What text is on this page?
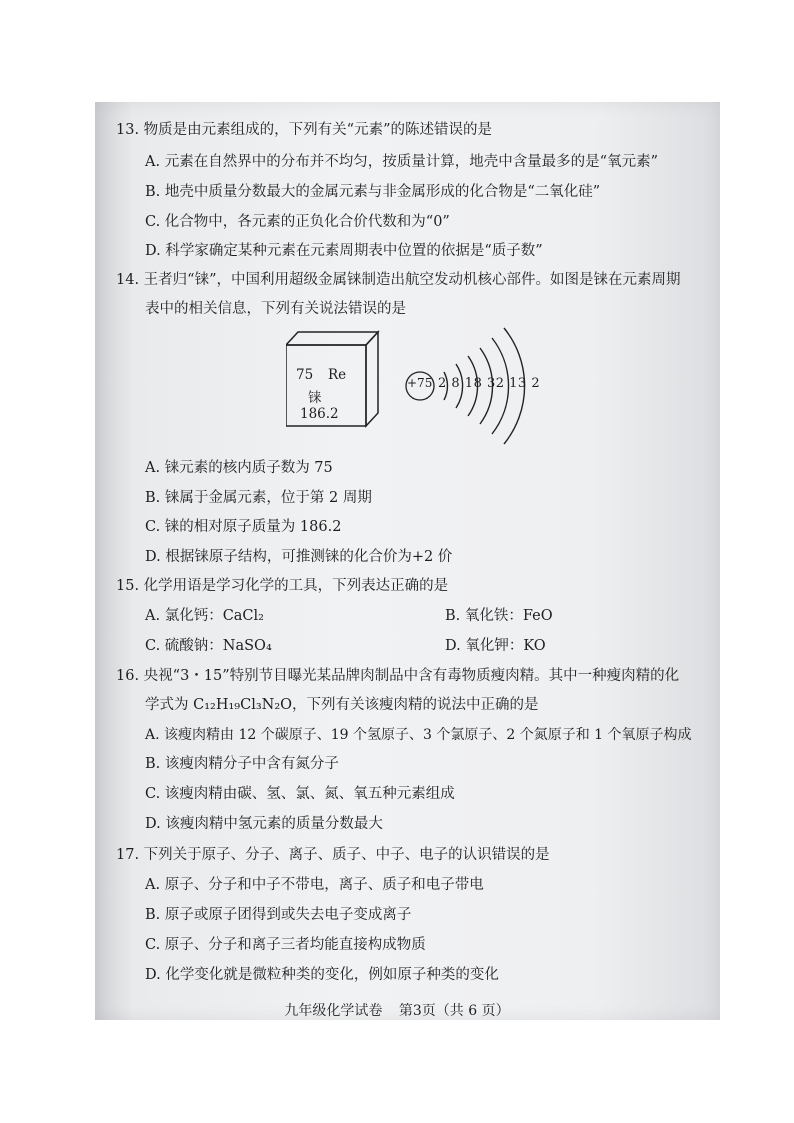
13. 物质是由元素组成的，下列有关“元素”的陈述错误的是
A. 元素在自然界中的分布并不均匀，按质量计算，地壳中含量最多的是“氧元素”
B. 地壳中质量分数最大的金属元素与非金属形成的化合物是“二氧化硅”
C. 化合物中，各元素的正负化合价代数和为“0”
D. 科学家确定某种元素在元素周期表中位置的依据是“质子数”
14. 王者归“铼”，中国利用超级金属铼制造出航空发动机核心部件。如图是铼在元素周期
表中的相关信息，下列有关说法错误的是
75 Re
铼
186.2
+75 2 8 18 32 13 2
A. 铼元素的核内质子数为 75
B. 铼属于金属元素，位于第 2 周期
C. 铼的相对原子质量为 186.2
D. 根据铼原子结构，可推测铼的化合价为+2 价
15. 化学用语是学习化学的工具，下列表达正确的是
A. 氯化钙：CaCl₂	B. 氧化铁：FeO
C. 硫酸钠：NaSO₄	D. 氧化钾：KO
16. 央视“3・15”特别节目曝光某品牌肉制品中含有毒物质瘦肉精。其中一种瘦肉精的化
学式为 C₁₂H₁₉Cl₃N₂O，下列有关该瘦肉精的说法中正确的是
A. 该瘦肉精由 12 个碳原子、19 个氢原子、3 个氯原子、2 个氮原子和 1 个氧原子构成
B. 该瘦肉精分子中含有氮分子
C. 该瘦肉精由碳、氢、氯、氮、氧五种元素组成
D. 该瘦肉精中氢元素的质量分数最大
17. 下列关于原子、分子、离子、质子、中子、电子的认识错误的是
A. 原子、分子和中子不带电，离子、质子和电子带电
B. 原子或原子团得到或失去电子变成离子
C. 原子、分子和离子三者均能直接构成物质
D. 化学变化就是微粒种类的变化，例如原子种类的变化
九年级化学试卷 第3页（共 6 页）
